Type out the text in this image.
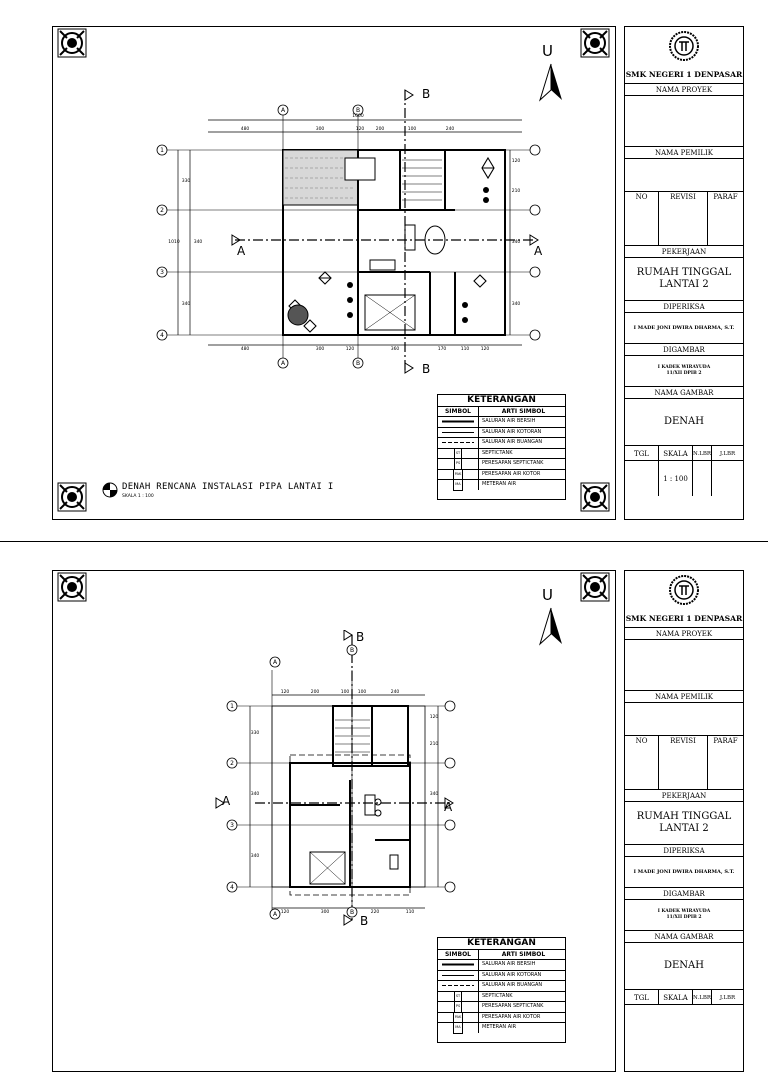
U
1
2
3
4
A	B
A	B
1600
480	300	120	200	100	240
330
340
340
1010
120
210
340
340
480	300	120	360	170	110	120
A	A
B
B
DENAH RENCANA INSTALASI PIPA LANTAI I
SKALA 1 : 100
KETERANGAN
SIMBOL	ARTI SIMBOL
SALURAN AIR BERSIH
SALURAN AIR KOTORAN
SALURAN AIR BUANGAN
ST	SEPTICTANK
PS	PERESAPAN SEPTICTANK
PAK	PERESAPAN AIR KOTOR
MA	METERAN AIR
SMK NEGERI 1 DENPASAR
NAMA PROYEK
NAMA PEMILIK
NO	REVISI	PARAF
PEKERJAAN
RUMAH TINGGAL
LANTAI 2
DIPERIKSA
I MADE JONI DWIRA DHARMA, S.T.
DIGAMBAR
I KADEK WIRAYUDA
11/XII DPIB 2
NAMA GAMBAR
DENAH
TGL	SKALA N.LBR	J.LBR
1 : 100
U
1
2
3
4
A
B
A	B
120	200	100 100	240
330
340
340
120
210
340
120	300	220	110
A	A
B
B
KETERANGAN
SIMBOL	ARTI SIMBOL
SALURAN AIR BERSIH
SALURAN AIR KOTORAN
SALURAN AIR BUANGAN
ST	SEPTICTANK
PS	PERESAPAN SEPTICTANK
PAK	PERESAPAN AIR KOTOR
MA	METERAN AIR
SMK NEGERI 1 DENPASAR
NAMA PROYEK
NAMA PEMILIK
NO	REVISI	PARAF
PEKERJAAN
RUMAH TINGGAL
LANTAI 2
DIPERIKSA
I MADE JONI DWIRA DHARMA, S.T.
DIGAMBAR
I KADEK WIRAYUDA
11/XII DPIB 2
NAMA GAMBAR
DENAH
TGL	SKALA N.LBR	J.LBR
